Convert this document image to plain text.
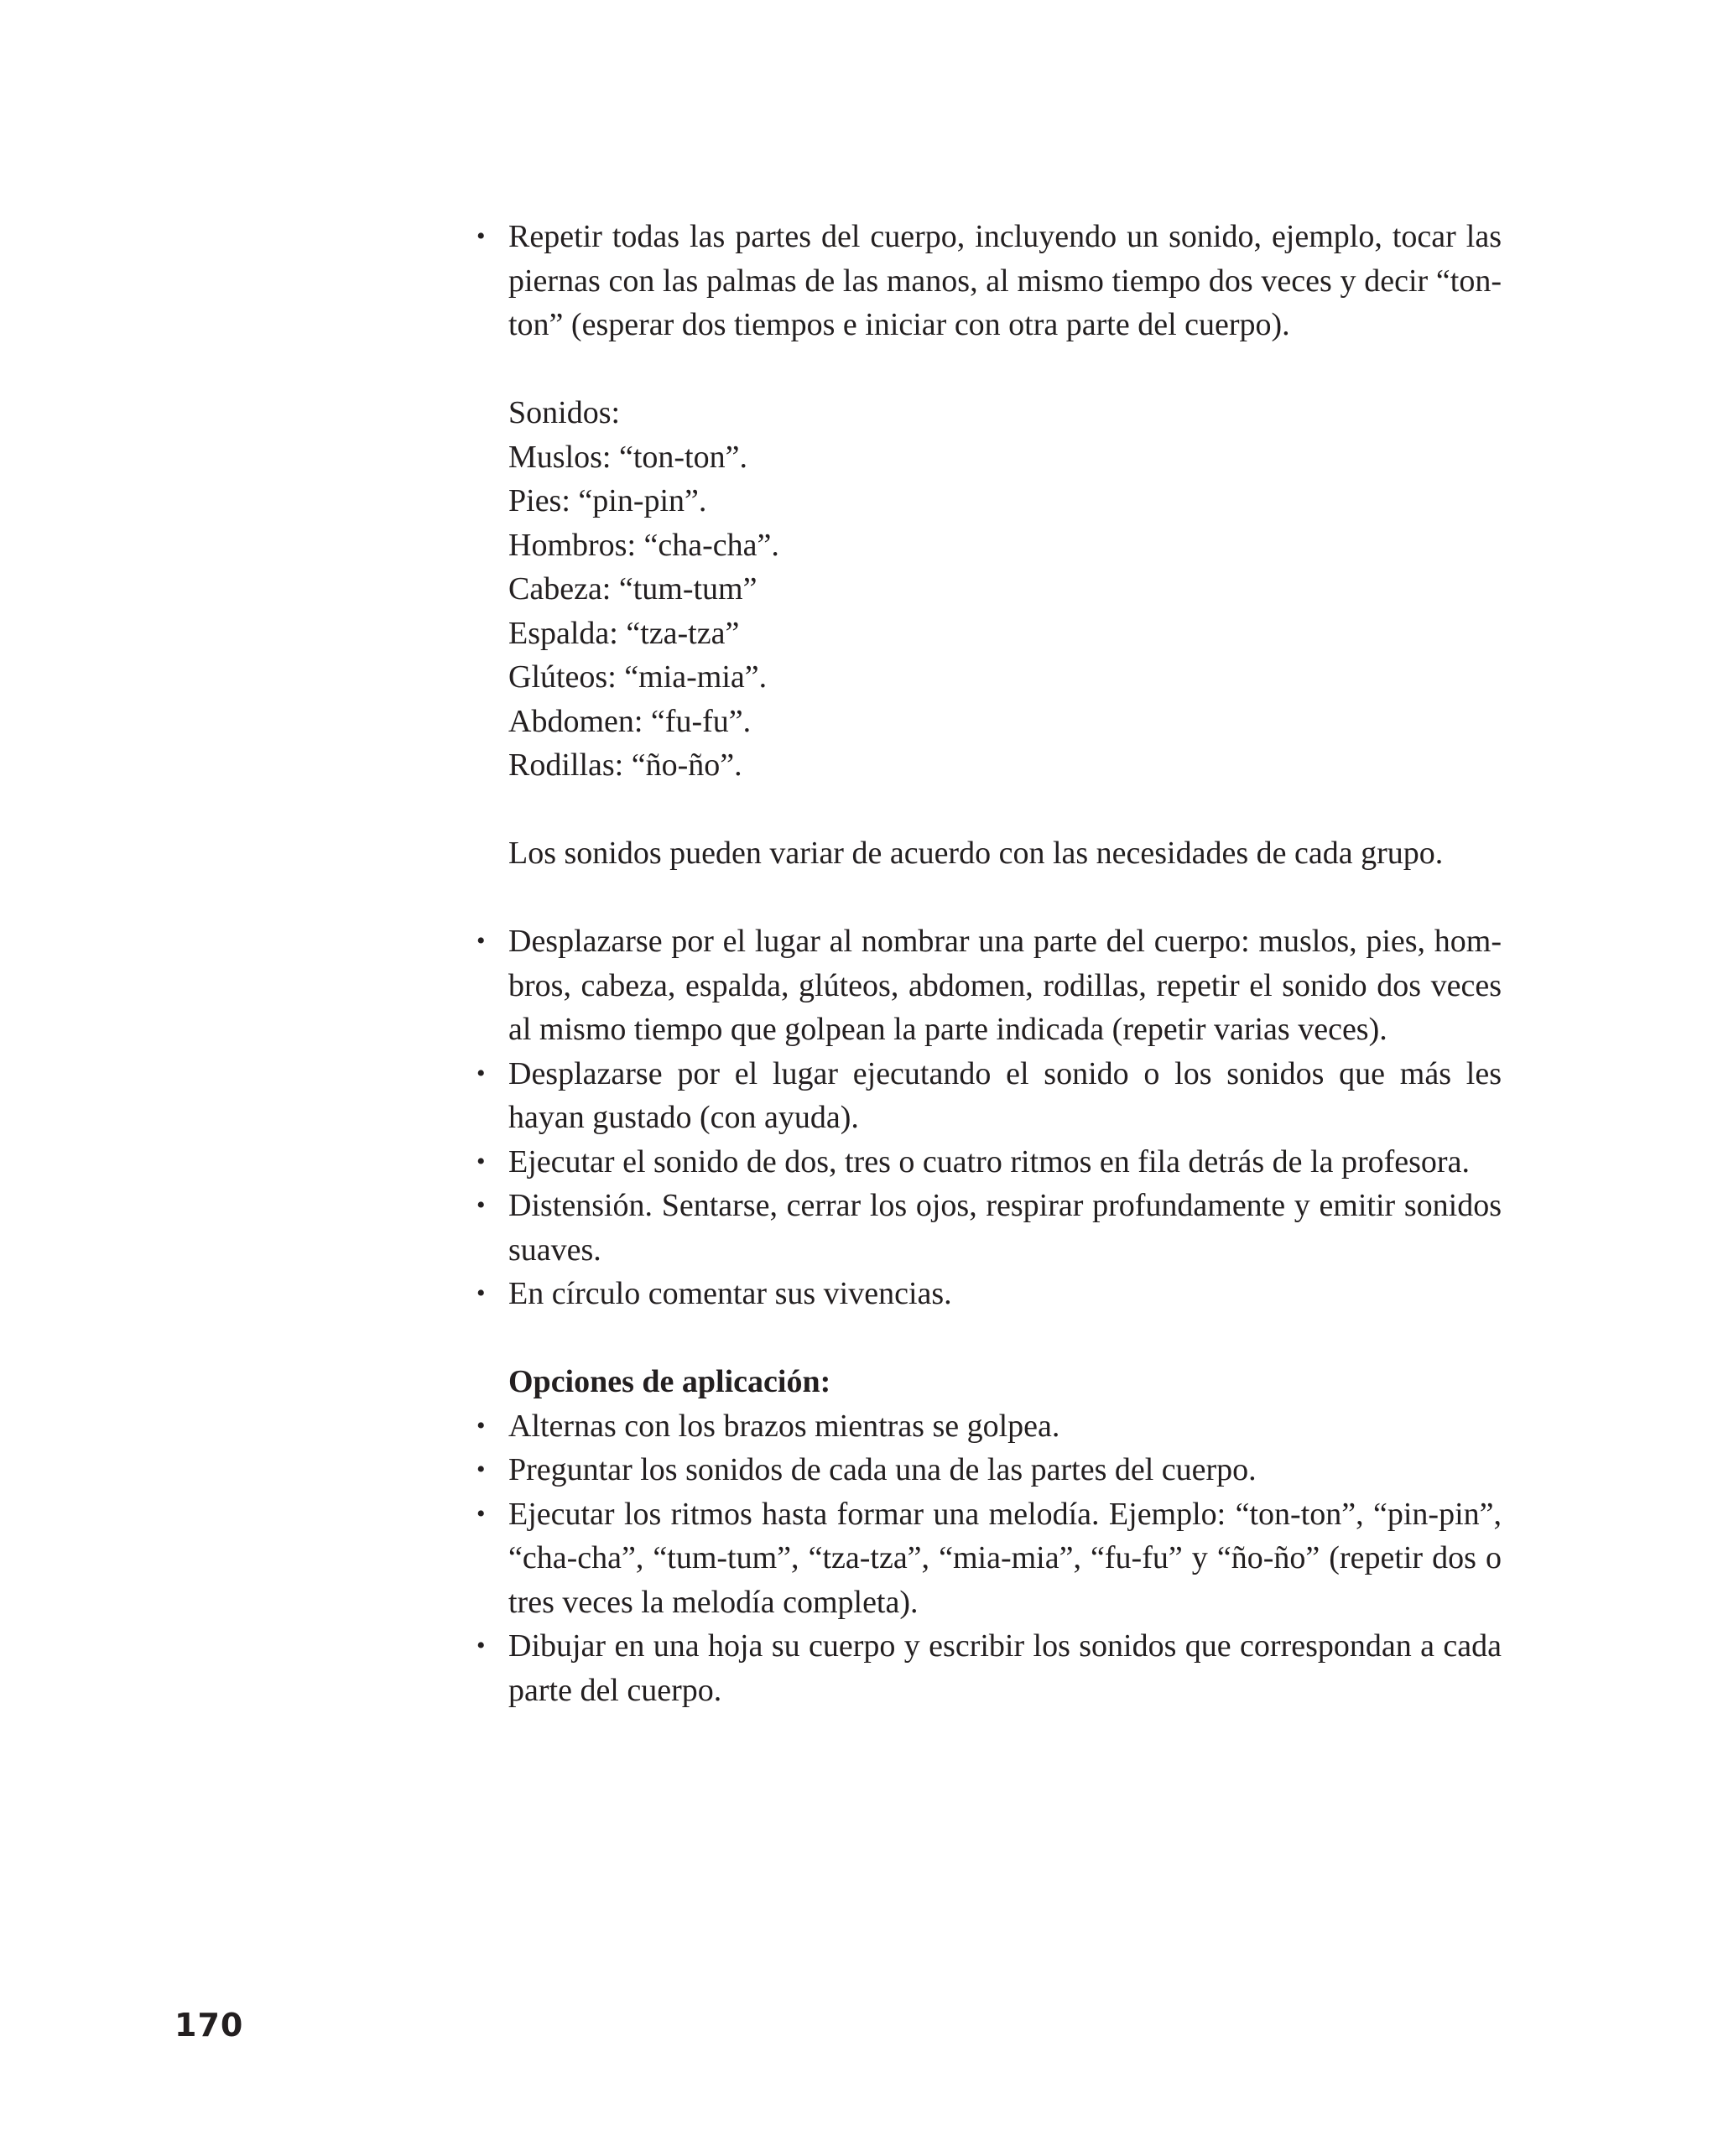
• Repetir todas las partes del cuerpo, incluyendo un sonido, ejemplo, tocar las piernas con las palmas de las manos, al mismo tiempo dos veces y decir “tonton” (esperar dos tiempos e iniciar con otra parte del cuerpo).
Sonidos:
Muslos: “ton-ton”.
Pies: “pin-pin”.
Hombros: “cha-cha”.
Cabeza: “tum-tum”
Espalda: “tza-tza”
Glúteos: “mia-mia”.
Abdomen: “fu-fu”.
Rodillas: “ño-ño”.
Los sonidos pueden variar de acuerdo con las necesidades de cada grupo.
• Desplazarse por el lugar al nombrar una parte del cuerpo: muslos, pies, hombros, cabeza, espalda, glúteos, abdomen, rodillas, repetir el sonido dos veces al mismo tiempo que golpean la parte indicada (repetir varias veces).
• Desplazarse por el lugar ejecutando el sonido o los sonidos que más les hayan gustado (con ayuda).
• Ejecutar el sonido de dos, tres o cuatro ritmos en fila detrás de la profesora.
• Distensión. Sentarse, cerrar los ojos, respirar profundamente y emitir sonidos suaves.
• En círculo comentar sus vivencias.
Opciones de aplicación:
• Alternas con los brazos mientras se golpea.
• Preguntar los sonidos de cada una de las partes del cuerpo.
• Ejecutar los ritmos hasta formar una melodía. Ejemplo: “ton-ton”, “pin-pin”, “cha-cha”, “tum-tum”, “tza-tza”, “mia-mia”, “fu-fu” y “ño-ño” (repetir dos o tres veces la melodía completa).
• Dibujar en una hoja su cuerpo y escribir los sonidos que correspondan a cada parte del cuerpo.
170
